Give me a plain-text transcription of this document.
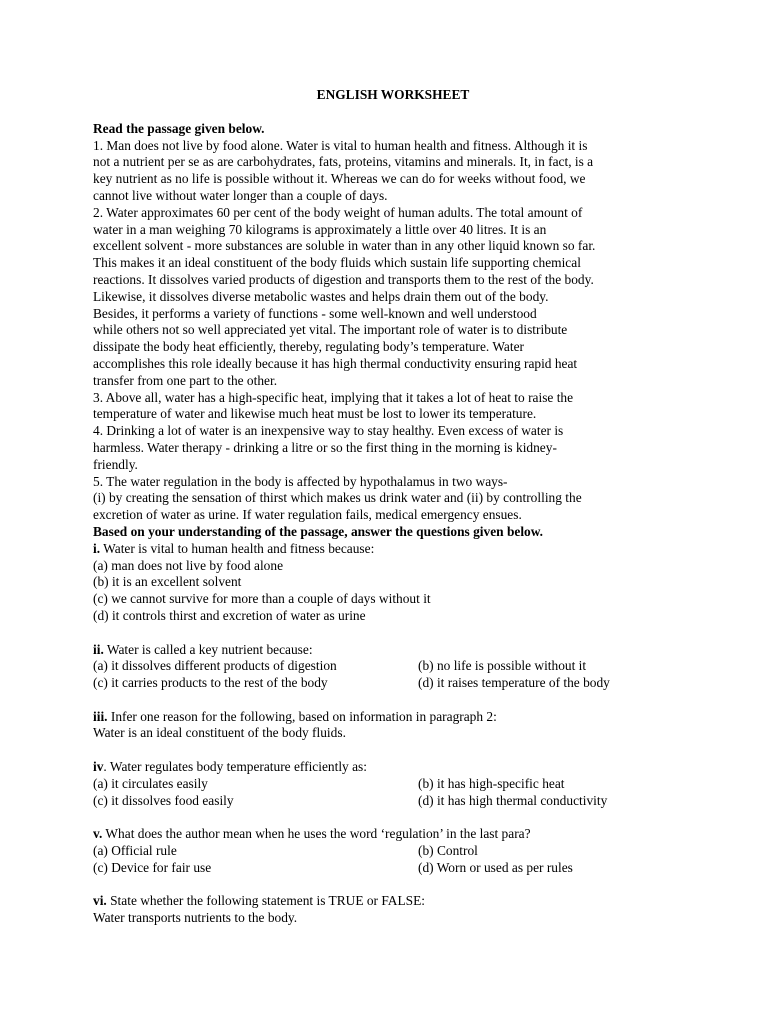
ENGLISH WORKSHEET
Read the passage given below.
1. Man does not live by food alone. Water is vital to human health and fitness. Although it is
not a nutrient per se as are carbohydrates, fats, proteins, vitamins and minerals. It, in fact, is a
key nutrient as no life is possible without it. Whereas we can do for weeks without food, we
cannot live without water longer than a couple of days.
2. Water approximates 60 per cent of the body weight of human adults. The total amount of
water in a man weighing 70 kilograms is approximately a little over 40 litres. It is an
excellent solvent - more substances are soluble in water than in any other liquid known so far.
This makes it an ideal constituent of the body fluids which sustain life supporting chemical
reactions. It dissolves varied products of digestion and transports them to the rest of the body.
Likewise, it dissolves diverse metabolic wastes and helps drain them out of the body.
Besides, it performs a variety of functions - some well-known and well understood
while others not so well appreciated yet vital. The important role of water is to distribute
dissipate the body heat efficiently, thereby, regulating body’s temperature. Water
accomplishes this role ideally because it has high thermal conductivity ensuring rapid heat
transfer from one part to the other.
3. Above all, water has a high-specific heat, implying that it takes a lot of heat to raise the
temperature of water and likewise much heat must be lost to lower its temperature.
4. Drinking a lot of water is an inexpensive way to stay healthy. Even excess of water is
harmless. Water therapy - drinking a litre or so the first thing in the morning is kidney-
friendly.
5. The water regulation in the body is affected by hypothalamus in two ways-
(i) by creating the sensation of thirst which makes us drink water and (ii) by controlling the
excretion of water as urine. If water regulation fails, medical emergency ensues.
Based on your understanding of the passage, answer the questions given below.
i. Water is vital to human health and fitness because:
(a) man does not live by food alone
(b) it is an excellent solvent
(c) we cannot survive for more than a couple of days without it
(d) it controls thirst and excretion of water as urine
ii. Water is called a key nutrient because:
(a) it dissolves different products of digestion	(b) no life is possible without it
(c) it carries products to the rest of the body	(d) it raises temperature of the body
iii. Infer one reason for the following, based on information in paragraph 2:
Water is an ideal constituent of the body fluids.
iv. Water regulates body temperature efficiently as:
(a) it circulates easily	(b) it has high-specific heat
(c) it dissolves food easily	(d) it has high thermal conductivity
v. What does the author mean when he uses the word ‘regulation’ in the last para?
(a) Official rule	(b) Control
(c) Device for fair use	(d) Worn or used as per rules
vi. State whether the following statement is TRUE or FALSE:
Water transports nutrients to the body.
